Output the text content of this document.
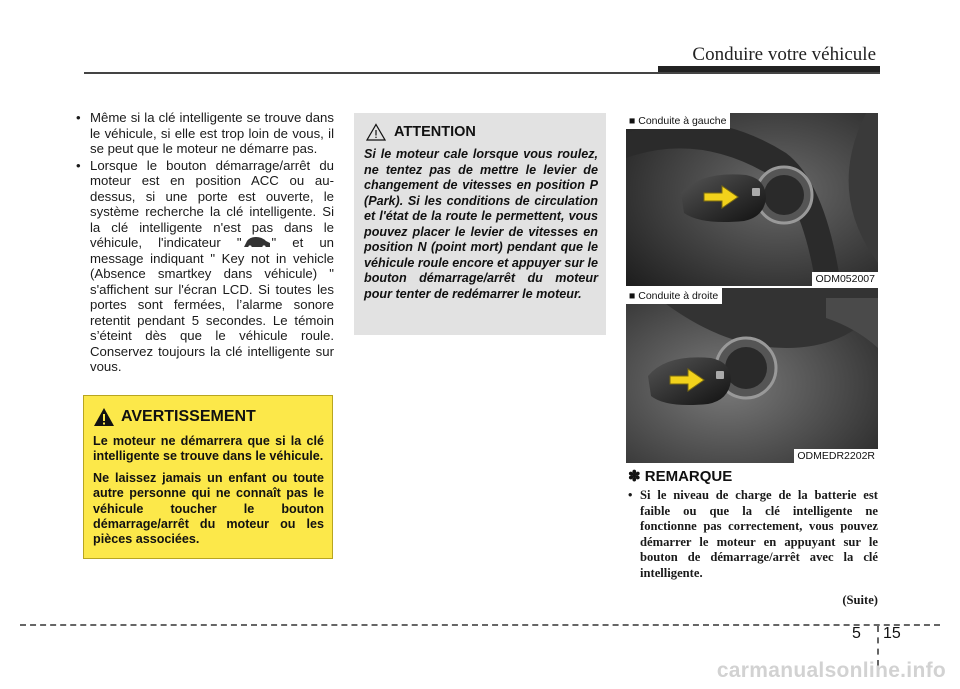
Conduire votre véhicule
• Même si la clé intelligente se trouve dans le véhicule, si elle est trop loin de vous, il se peut que le moteur ne démarre pas.
• Lorsque le bouton démarrage/arrêt du moteur est en position ACC ou au-dessus, si une porte est ouverte, le système recherche la clé intelligente. Si la clé intelligente n'est pas dans le véhicule, l'indicateur " " et un message indiquant " Key not in vehicle (Absence smartkey dans véhicule) " s'affichent sur l'écran LCD. Si toutes les portes sont fermées, l’alarme sonore retentit pendant 5 secondes. Le témoin s’éteint dès que le véhicule roule. Conservez toujours la clé intelligente sur vous.
AVERTISSEMENT

Le moteur ne démarrera que si la clé intelligente se trouve dans le véhicule.

Ne laissez jamais un enfant ou toute autre personne qui ne connaît pas le véhicule toucher le bouton démarrage/arrêt du moteur ou les pièces associées.

ATTENTION

Si le moteur cale lorsque vous roulez, ne tentez pas de mettre le levier de changement de vitesses en position P (Park). Si les conditions de circulation et l'état de la route le permettent, vous pouvez placer le levier de vitesses en position N (point mort) pendant que le véhicule roule encore et appuyer sur le bouton démarrage/arrêt du moteur pour tenter de redémarrer le moteur.

■ Conduite à gauche
ODM052007
■ Conduite à droite
ODMEDR2202R
✽ REMARQUE
• Si le niveau de charge de la batterie est faible ou que la clé intelligente ne fonctionne pas correctement, vous pouvez démarrer le moteur en appuyant sur le bouton de démarrage/arrêt avec la clé intelligente.
(Suite)
5 15
carmanualsonline.info
